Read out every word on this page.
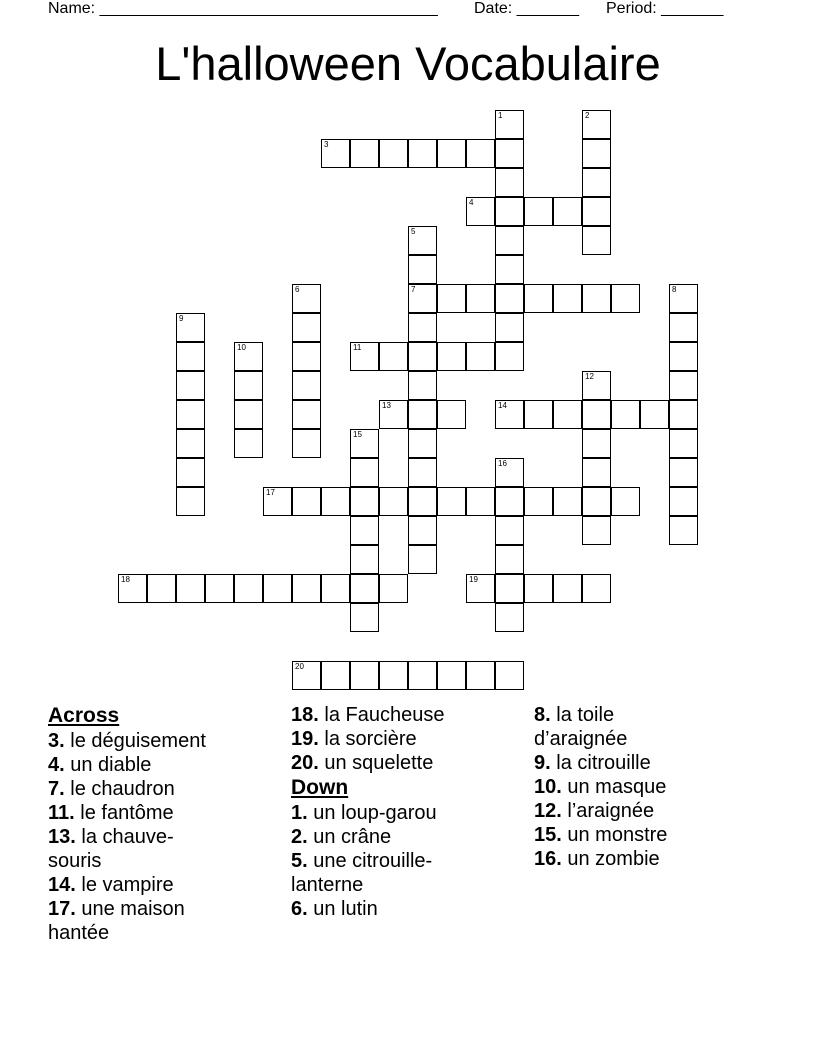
Name: ______________________________________ Date: _______ Period: _______
L'halloween Vocabulaire
1	2
3
4
5
7
6	8
9
10	11
12
13	14
15
16
17
18	19
20
Across
3. le déguisement
4. un diable
7. le chaudron
11. le fantôme
13. la chauve-souris
14. le vampire
17. une maison hantée
18. la Faucheuse
19. la sorcière
20. un squelette
Down
1. un loup-garou
2. un crâne
5. une citrouille-lanterne
6. un lutin
8. la toile d’araignée
9. la citrouille
10. un masque
12. l’araignée
15. un monstre
16. un zombie
